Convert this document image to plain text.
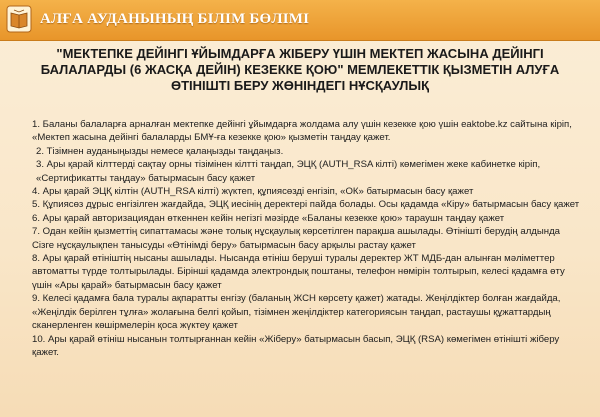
АЛҒА АУДАНЫНЫҢ БІЛІМ БӨЛІМІ
"МЕКТЕПКЕ ДЕЙІНГІ ҰЙЫМДАРҒА ЖІБЕРУ ҮШІН МЕКТЕП ЖАСЫНА ДЕЙІНГІ БАЛАЛАРДЫ (6 ЖАСҚА ДЕЙІН) КЕЗЕККЕ ҚОЮ" МЕМЛЕКЕТТІК ҚЫЗМЕТІН АЛУҒА ӨТІНІШТІ БЕРУ ЖӨНІНДЕГІ НҰСҚАУЛЫҚ

1. Баланы балаларға арналған мектепке дейінгі ұйымдарға жолдама алу үшін кезекке қою үшін eaktobe.kz сайтына кіріп, «Мектеп жасына дейінгі балаларды БМҰ-ға кезекке қою» қызметін таңдау қажет.

2. Тізімнен ауданыңызды немесе қалаңызды таңдаңыз.

3. Ары қарай кілттерді сақтау орны тізімінен кілтті таңдап, ЭЦҚ (AUTH_RSA кілті) көмегімен жеке кабинетке кіріп, «Сертификатты таңдау» батырмасын басу қажет

4. Ары қарай ЭЦҚ кілтін (AUTH_RSA кілті) жүктеп, құпиясөзді енгізіп, «ОК» батырмасын басу қажет

5. Құпиясөз дұрыс енгізілген жағдайда, ЭЦҚ иесінің деректері пайда болады. Осы қадамда «Кіру» батырмасын басу қажет

6. Ары қарай авторизациядан өткеннен кейін негізгі мәзірде «Баланы кезекке қою» тараушн таңдау қажет

7. Одан кейін қызметтің сипаттамасы және толық нұсқаулық көрсетілген парақша ашылады. Өтінішті берудің алдында Сізге нұсқаулықпен танысуды «Өтінімді беру» батырмасын басу арқылы растау қажет

8. Ары қарай өтініштің нысаны ашылады. Нысанда өтініш беруші туралы деректер ЖТ МДБ-дан алынған мәліметтер автоматты түрде толтырылады. Бірінші қадамда электрондық поштаны, телефон нөмірін толтырып, келесі қадамға өту үшін «Ары қарай» батырмасын басу қажет

9. Келесі қадамға бала туралы ақпаратты енгізу (баланың ЖСН көрсету қажет) жатады. Жеңілдіктер болған жағдайда, «Жеңілдік берілген тұлға» жолағына белгі қойып, тізімнен жеңілдіктер категориясын таңдап, растаушы құжаттардың сканерленген көшірмелерін қоса жүктеу қажет

10. Ары қарай өтініш нысанын толтырғаннан кейін «Жіберу» батырмасын басып, ЭЦҚ (RSA) көмегімен өтінішті жіберу қажет.
